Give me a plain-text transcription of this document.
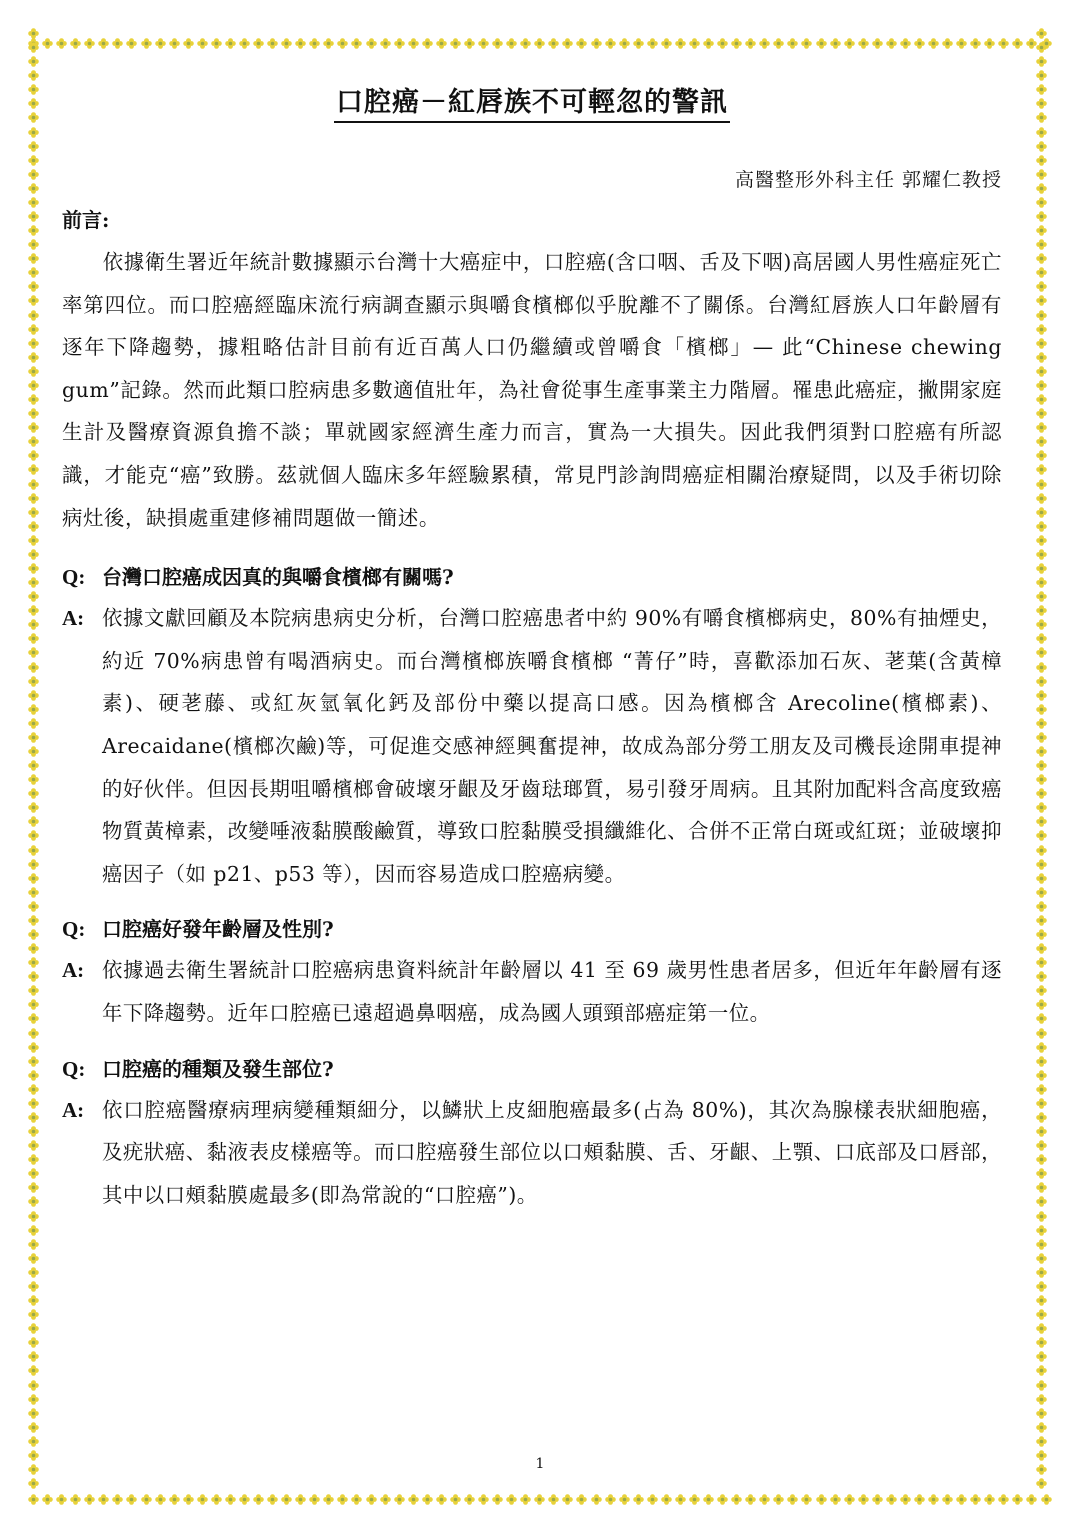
口腔癌－紅唇族不可輕忽的警訊
高醫整形外科主任 郭耀仁教授
前言:

依據衛生署近年統計數據顯示台灣十大癌症中，口腔癌(含口咽、舌及下咽)高居國人男性癌症死亡率第四位。而口腔癌經臨床流行病調查顯示與嚼食檳榔似乎脫離不了關係。台灣紅唇族人口年齡層有逐年下降趨勢，據粗略估計目前有近百萬人口仍繼續或曾嚼食「檳榔」— 此“Chinese chewing gum”記錄。然而此類口腔病患多數適值壯年，為社會從事生產事業主力階層。罹患此癌症，撇開家庭生計及醫療資源負擔不談；單就國家經濟生產力而言，實為一大損失。因此我們須對口腔癌有所認識，才能克“癌”致勝。茲就個人臨床多年經驗累積，常見門診詢問癌症相關治療疑問，以及手術切除病灶後，缺損處重建修補問題做一簡述。

Q: 台灣口腔癌成因真的與嚼食檳榔有關嗎?
A: 依據文獻回顧及本院病患病史分析，台灣口腔癌患者中約 90%有嚼食檳榔病史，80%有抽煙史，約近 70%病患曾有喝酒病史。而台灣檳榔族嚼食檳榔 “菁仔”時，喜歡添加石灰、荖葉(含黃樟素)、硬荖藤、或紅灰氫氧化鈣及部份中藥以提高口感。因為檳榔含 Arecoline(檳榔素)、Arecaidane(檳榔次鹼)等，可促進交感神經興奮提神，故成為部分勞工朋友及司機長途開車提神的好伙伴。但因長期咀嚼檳榔會破壞牙齦及牙齒琺瑯質，易引發牙周病。且其附加配料含高度致癌物質黃樟素，改變唾液黏膜酸鹼質，導致口腔黏膜受損纖維化、合併不正常白斑或紅斑；並破壞抑癌因子（如 p21、p53 等），因而容易造成口腔癌病變。
Q: 口腔癌好發年齡層及性別?
A: 依據過去衛生署統計口腔癌病患資料統計年齡層以 41 至 69 歲男性患者居多，但近年年齡層有逐年下降趨勢。近年口腔癌已遠超過鼻咽癌，成為國人頭頸部癌症第一位。
Q: 口腔癌的種類及發生部位?
A: 依口腔癌醫療病理病變種類細分，以鱗狀上皮細胞癌最多(占為 80%)，其次為腺樣表狀細胞癌，及疣狀癌、黏液表皮樣癌等。而口腔癌發生部位以口頰黏膜、舌、牙齦、上顎、口底部及口唇部，其中以口頰黏膜處最多(即為常說的“口腔癌”)。
1
